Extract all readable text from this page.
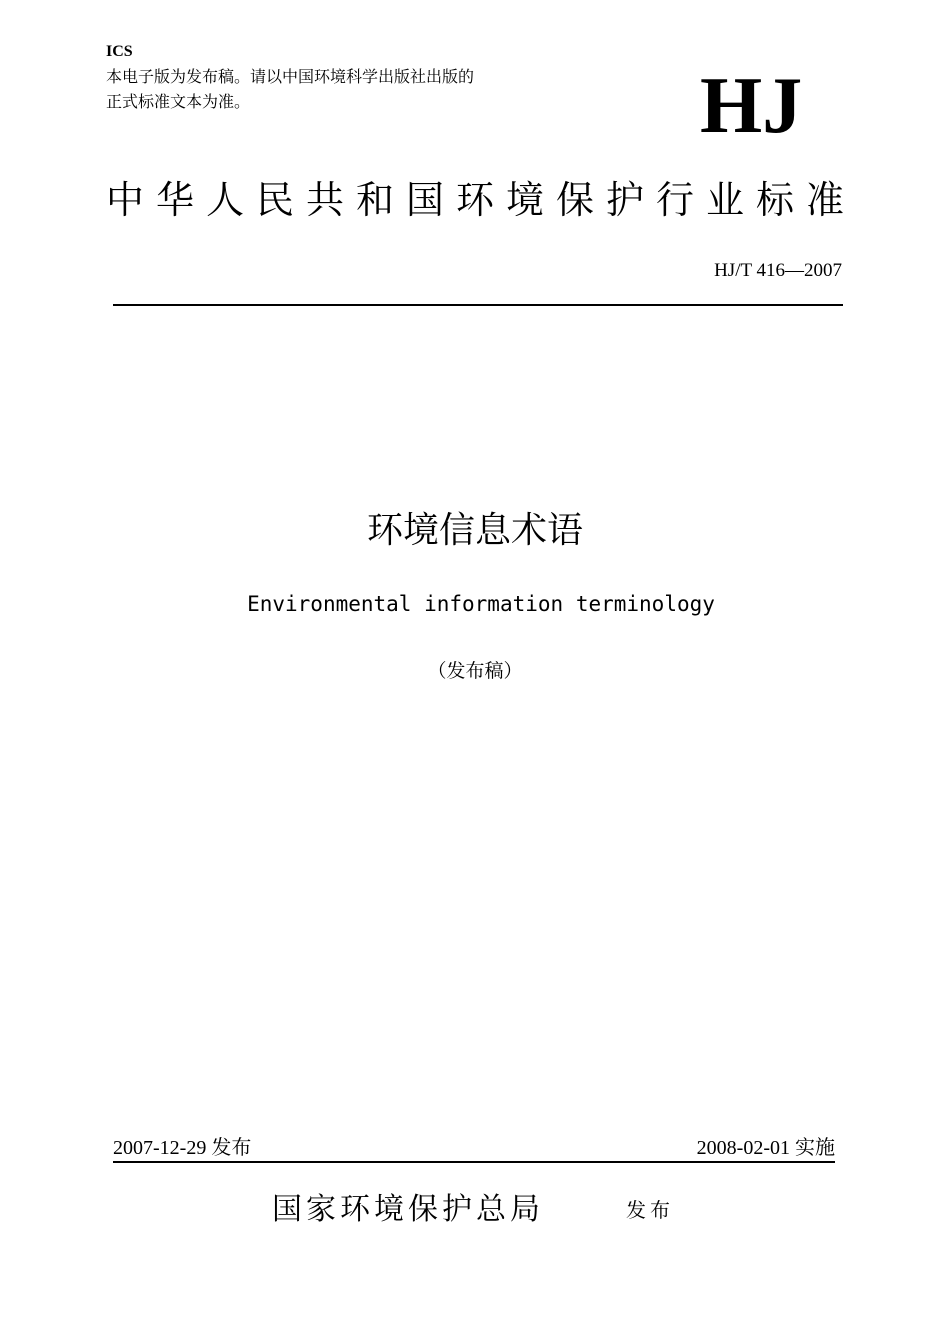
ICS
本电子版为发布稿。请以中国环境科学出版社出版的
正式标准文本为准。	HJ
中华人民共和国环境保护行业标准
HJ/T 416—2007
环境信息术语
Environmental information terminology
（发布稿）
2007-12-29 发布	2008-02-01 实施
国家环境保护总局	发布
